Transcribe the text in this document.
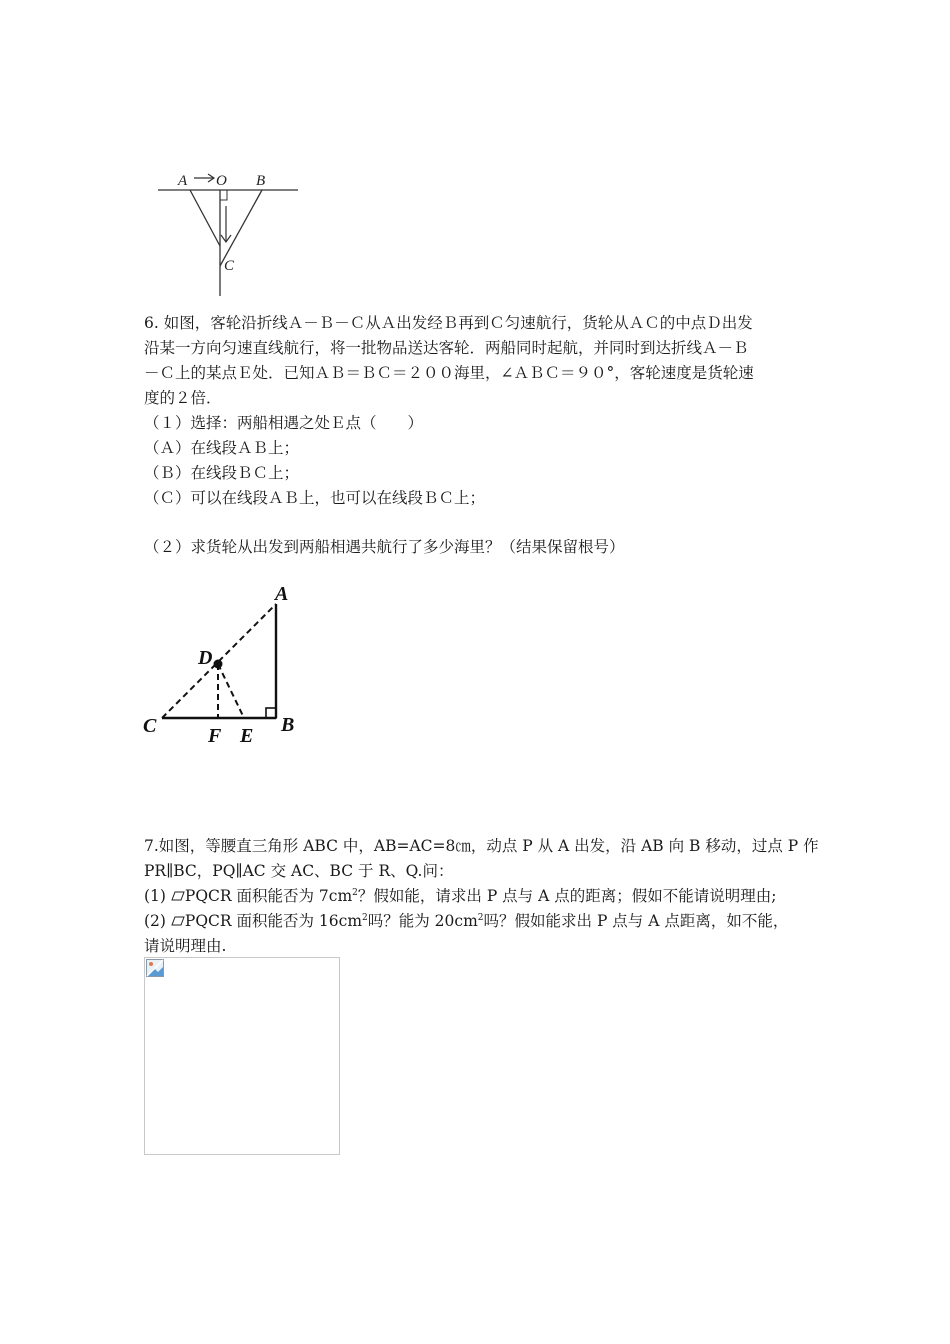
A O B
C
6. 如图，客轮沿折线Ａ－Ｂ－Ｃ从Ａ出发经Ｂ再到Ｃ匀速航行，货轮从ＡＣ的中点Ｄ出发
沿某一方向匀速直线航行，将一批物品送达客轮．两船同时起航，并同时到达折线Ａ－Ｂ
－Ｃ上的某点Ｅ处．已知ＡＢ＝ＢＣ＝２００海里，∠ＡＢＣ＝９０°，客轮速度是货轮速
度的２倍．
（１）选择：两船相遇之处Ｅ点（　　）
（Ａ）在线段ＡＢ上；
（Ｂ）在线段ＢＣ上；
（Ｃ）可以在线段ＡＢ上，也可以在线段ＢＣ上；
（２）求货轮从出发到两船相遇共航行了多少海里？（结果保留根号）
A
D
C	F E B
7.如图，等腰直三角形 ABC 中，AB=AC=8㎝，动点 P 从 A 出发，沿 AB 向 B 移动，过点 P 作
PR∥BC，PQ∥AC 交 AC、BC 于 R、Q.问：
(1) PQCR 面积能否为 $7cm^2$？假如能，请求出 P 点与 A 点的距离；假如不能请说明理由;
(2) PQCR 面积能否为 $16cm^2$吗？能为 $20cm^2$吗？假如能求出 P 点与 A 点距离，如不能，
请说明理由.
